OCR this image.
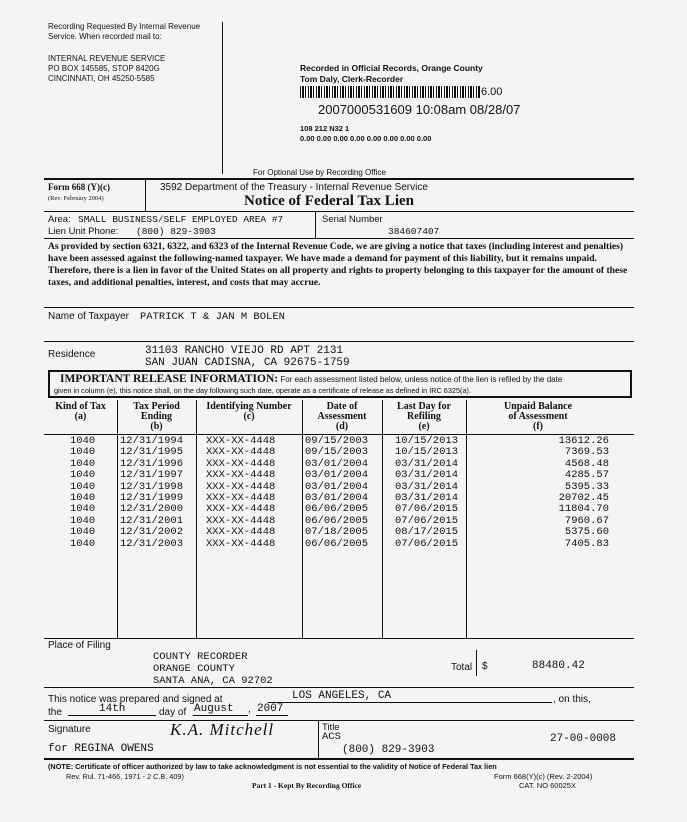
Recording Requested By Internal Revenue Service. When recorded mail to:
INTERNAL REVENUE SERVICE
PO BOX 145585, STOP 8420G
CINCINNATI, OH 45250-5585
Recorded in Official Records, Orange County
Tom Daly, Clerk-Recorder
6.00
2007000531609 10:08am 08/28/07
108 212 N32 1
0.00 0.00 0.00 0.00 0.00 0.00 0.00 0.00
For Optional Use by Recording Office
Form 668 (Y)(c)
(Rev. February 2004)
3592 Department of the Treasury - Internal Revenue Service
Notice of Federal Tax Lien
Area: SMALL BUSINESS/SELF EMPLOYED AREA #7
Lien Unit Phone: (800) 829-3903
Serial Number
384607407
As provided by section 6321, 6322, and 6323 of the Internal Revenue Code, we are giving a notice that taxes (including interest and penalties) have been assessed against the following-named taxpayer. We have made a demand for payment of this liability, but it remains unpaid. Therefore, there is a lien in favor of the United States on all property and rights to property belonging to this taxpayer for the amount of these taxes, and additional penalties, interest, and costs that may accrue.
Name of Taxpayer PATRICK T & JAN M BOLEN
Residence	31103 RANCHO VIEJO RD APT 2131
SAN JUAN CADISNA, CA 92675-1759
IMPORTANT RELEASE INFORMATION: For each assessment listed below, unless notice of the lien is refiled by the date
given in column (e), this notice shall, on the day following such date, operate as a certificate of release as defined in IRC 6325(a).
Kind of Tax
(a)
Tax Period
Ending
(b)
Identifying Number
(c)
Date of
Assessment
(d)
Last Day for
Refiling
(e)
Unpaid Balance
of Assessment
(f)
1040	12/31/1994	XXX-XX-4448	09/15/2003	10/15/2013	13612.26
1040	12/31/1995	XXX-XX-4448	09/15/2003	10/15/2013	7369.53
1040	12/31/1996	XXX-XX-4448	03/01/2004	03/31/2014	4568.48
1040	12/31/1997	XXX-XX-4448	03/01/2004	03/31/2014	4285.57
1040	12/31/1998	XXX-XX-4448	03/01/2004	03/31/2014	5395.33
1040	12/31/1999	XXX-XX-4448	03/01/2004	03/31/2014	20702.45
1040	12/31/2000	XXX-XX-4448	06/06/2005	07/06/2015	11804.70
1040	12/31/2001	XXX-XX-4448	06/06/2005	07/06/2015	7960.67
1040	12/31/2002	XXX-XX-4448	07/18/2005	08/17/2015	5375.60
1040	12/31/2003	XXX-XX-4448	06/06/2005	07/06/2015	7405.83
Place of Filing
COUNTY RECORDER
ORANGE COUNTY
SANTA ANA, CA 92702
Total $	88480.42
This notice was prepared and signed at	LOS ANGELES, CA	, on this,
the	14th	day of August , 2007
Signature	K.A. Mitchell
for REGINA OWENS
Title
ACS
(800) 829-3903
27-00-0008
(NOTE: Certificate of officer authorized by law to take acknowledgment is not essential to the validity of Notice of Federal Tax lien
Rev. Rul. 71-466, 1971 - 2 C.B. 409)	Form 668(Y)(c) (Rev. 2-2004)
CAT. NO 60025X
Part 1 - Kept By Recording Office
